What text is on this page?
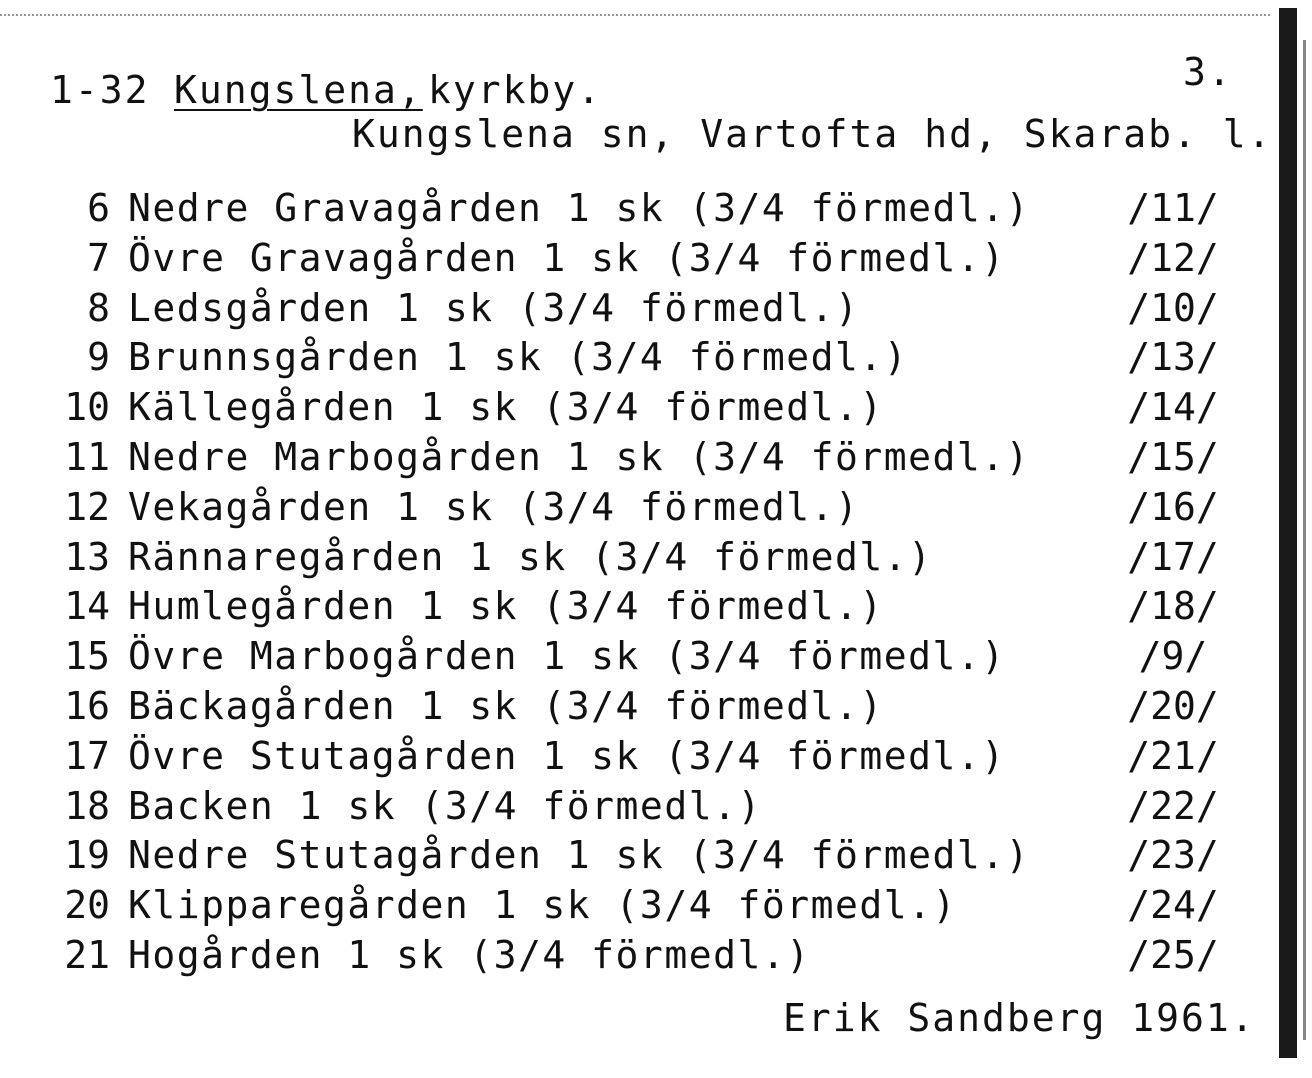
1-32 Kungslena, kyrkby.	3.
Kungslena sn, Vartofta hd, Skarab. l.
6 Nedre Gravagården 1 sk (3/4 förmedl.)	/11/
7 Övre Gravagården 1 sk (3/4 förmedl.)	/12/
8 Ledsgården 1 sk (3/4 förmedl.)	/10/
9 Brunnsgården 1 sk (3/4 förmedl.)	/13/
10 Källegården 1 sk (3/4 förmedl.)	/14/
11 Nedre Marbogården 1 sk (3/4 förmedl.)	/15/
12 Vekagården 1 sk (3/4 förmedl.)	/16/
13 Rännaregården 1 sk (3/4 förmedl.)	/17/
14 Humlegården 1 sk (3/4 förmedl.)	/18/
15 Övre Marbogården 1 sk (3/4 förmedl.)	/9/
16 Bäckagården 1 sk (3/4 förmedl.)	/20/
17 Övre Stutagården 1 sk (3/4 förmedl.)	/21/
18 Backen 1 sk (3/4 förmedl.)	/22/
19 Nedre Stutagården 1 sk (3/4 förmedl.)	/23/
20 Klipparegården 1 sk (3/4 förmedl.)	/24/
21 Hogården 1 sk (3/4 förmedl.)	/25/
Erik Sandberg 1961.
